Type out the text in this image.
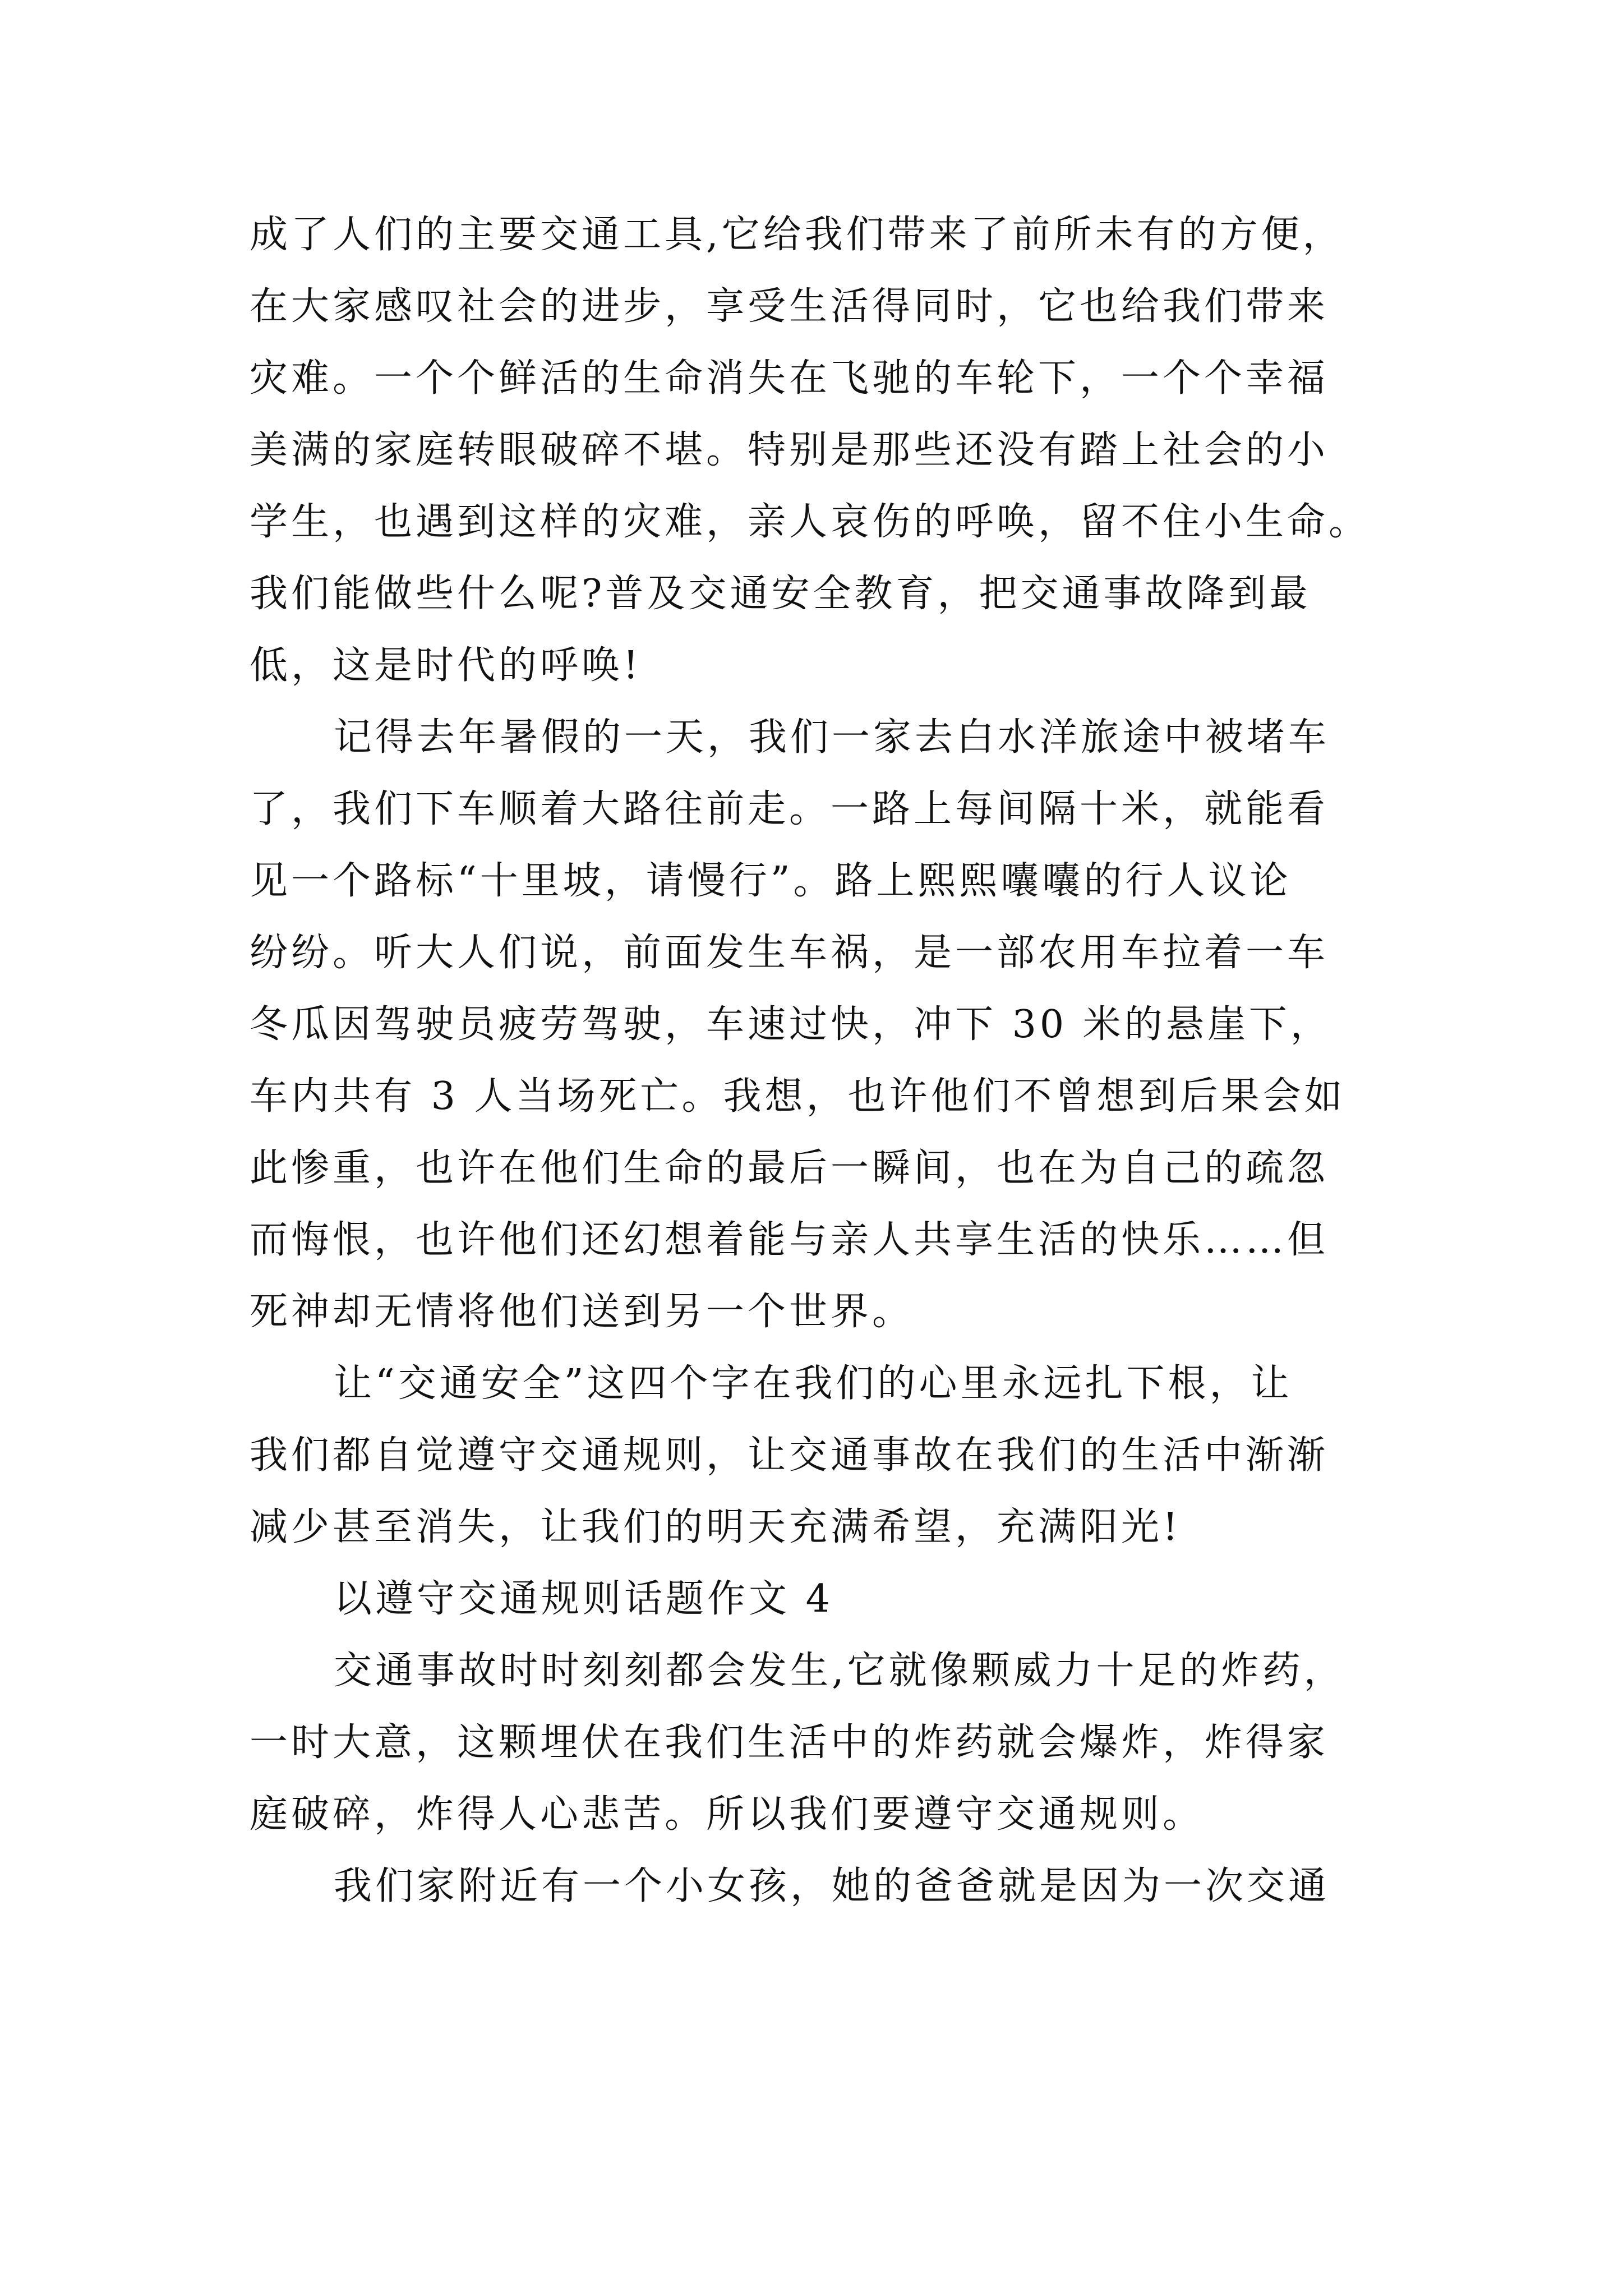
成了人们的主要交通工具,它给我们带来了前所未有的方便，
在大家感叹社会的进步，享受生活得同时，它也给我们带来
灾难。一个个鲜活的生命消失在飞驰的车轮下，一个个幸福
美满的家庭转眼破碎不堪。特别是那些还没有踏上社会的小
学生，也遇到这样的灾难，亲人哀伤的呼唤，留不住小生命。
我们能做些什么呢?普及交通安全教育，把交通事故降到最
低，这是时代的呼唤!
记得去年暑假的一天，我们一家去白水洋旅途中被堵车
了，我们下车顺着大路往前走。一路上每间隔十米，就能看
见一个路标“十里坡，请慢行”。路上熙熙囔囔的行人议论
纷纷。听大人们说，前面发生车祸，是一部农用车拉着一车
冬瓜因驾驶员疲劳驾驶，车速过快，冲下 30 米的悬崖下，
车内共有 3 人当场死亡。我想，也许他们不曾想到后果会如
此惨重，也许在他们生命的最后一瞬间，也在为自己的疏忽
而悔恨，也许他们还幻想着能与亲人共享生活的快乐……但
死神却无情将他们送到另一个世界。
让“交通安全”这四个字在我们的心里永远扎下根，让
我们都自觉遵守交通规则，让交通事故在我们的生活中渐渐
减少甚至消失，让我们的明天充满希望，充满阳光!
以遵守交通规则话题作文 4
交通事故时时刻刻都会发生,它就像颗威力十足的炸药，
一时大意，这颗埋伏在我们生活中的炸药就会爆炸，炸得家
庭破碎，炸得人心悲苦。所以我们要遵守交通规则。
我们家附近有一个小女孩，她的爸爸就是因为一次交通
